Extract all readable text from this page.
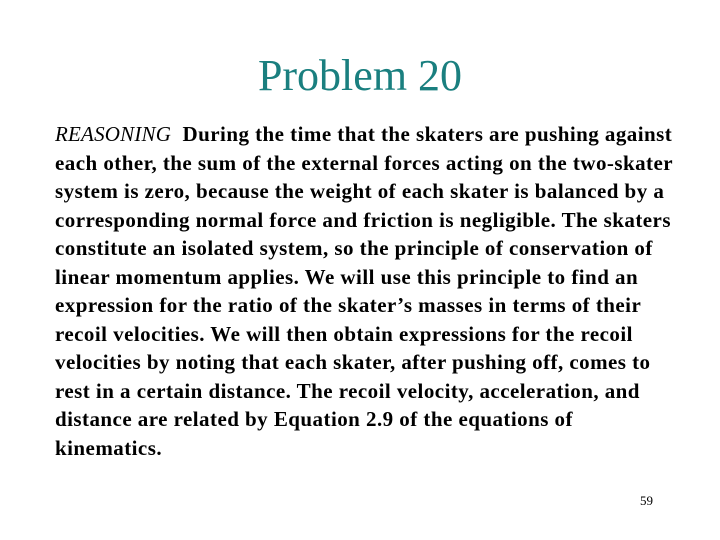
Problem 20
REASONING During the time that the skaters are pushing against each other, the sum of the external forces acting on the two-skater system is zero, because the weight of each skater is balanced by a corresponding normal force and friction is negligible. The skaters constitute an isolated system, so the principle of conservation of linear momentum applies. We will use this principle to find an expression for the ratio of the skater’s masses in terms of their recoil velocities. We will then obtain expressions for the recoil velocities by noting that each skater, after pushing off, comes to rest in a certain distance. The recoil velocity, acceleration, and distance are related by Equation 2.9 of the equations of kinematics.
59
